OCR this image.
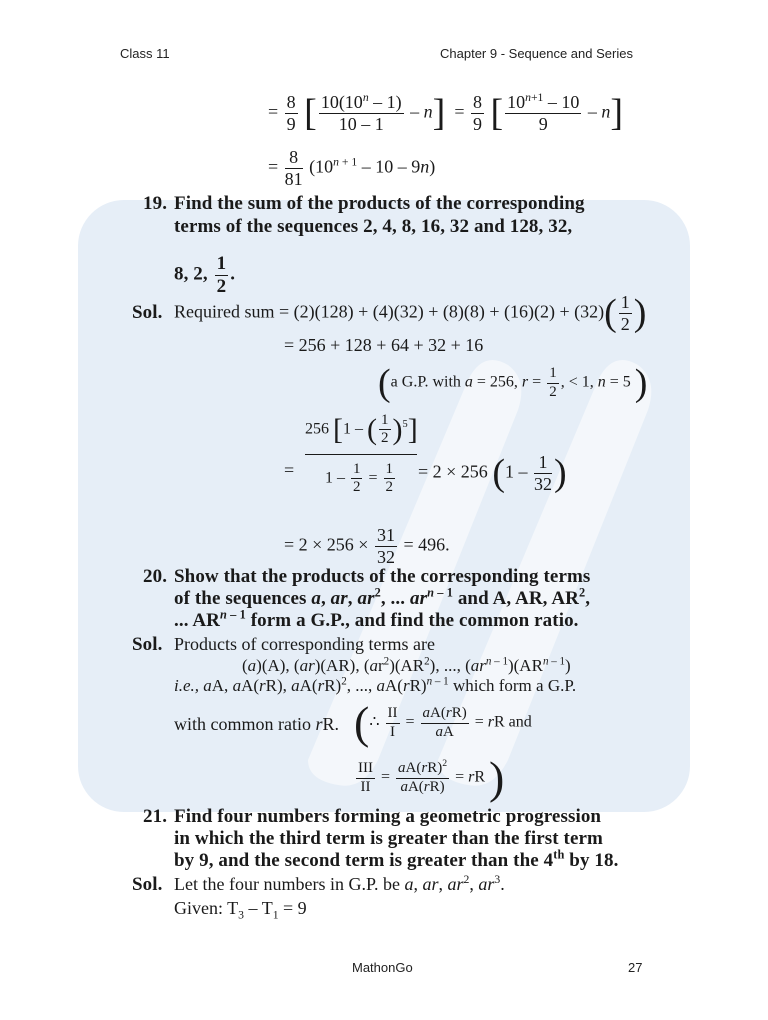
Class 11	Chapter 9 - Sequence and Series
= $\frac{8}{9}$ [ $\frac{10(10^n - 1)}{10 - 1} - n] = \frac{8}{9}$ [ $\frac{10^{n+1} - 10}{9} - n$]
= $\frac{8}{81} (10^{n + 1} - 10 - 9n)$
19. Find the sum of the products of the corresponding
terms of the sequences 2, 4, 8, 16, 32 and 128, 32,
8, 2, $\frac{1}{2}$ .
Sol. Required sum = $(2)(128) + (4)(32) + (8)(8) + (16)(2) + (32)( \frac{1}{2}$ )
= 256 + 128 + 64 + 32 + 16
(a G.P. with a = 256, $r = \frac{1}{2}$ , < 1, n = 5 )
=
256 [1 – ( $\frac{1}{2} )^5$]
$1 - \frac{1}{2} = \frac{1}{2} = 2 \times 256$ ($1 - \frac{1}{32}$ )
= $2 \times 256 \times \frac{31}{32} = 496$.
20. Show that the products of the corresponding terms
of the sequences a, ar, $ar^2$, ... $ar^{n - 1}$ and A, AR, $AR^2$,
... AR$^{n - 1}$ form a G.P., and find the common ratio.
Sol. Products of corresponding terms are
(a)(A), (ar)(AR), $(ar^2)(AR^2)$, ..., ($ar^n$ $^{- 1}$)(AR$^{n - 1}$)
i.e., aA, aA(rR), aA(rR)$^2$, ..., aA(rR)$^{n - 1}$ which form a G.P.
with common ratio rR. (∴ $\frac{II}{I} = \frac{aA(rR)}{aA}$ = rR and
$\frac{\text{III}}{II} = \frac{aA(rR)^2}{aA(rR)}$ = rR )
21. Find four numbers forming a geometric progression
in which the third term is greater than the first term
by 9, and the second term is greater than the 4th by 18.
Sol. Let the four numbers in G.P. be a, ar, $ar^2$, $ar^3$.
Given: $T_3 - T_1 = 9$
MathonGo	27
